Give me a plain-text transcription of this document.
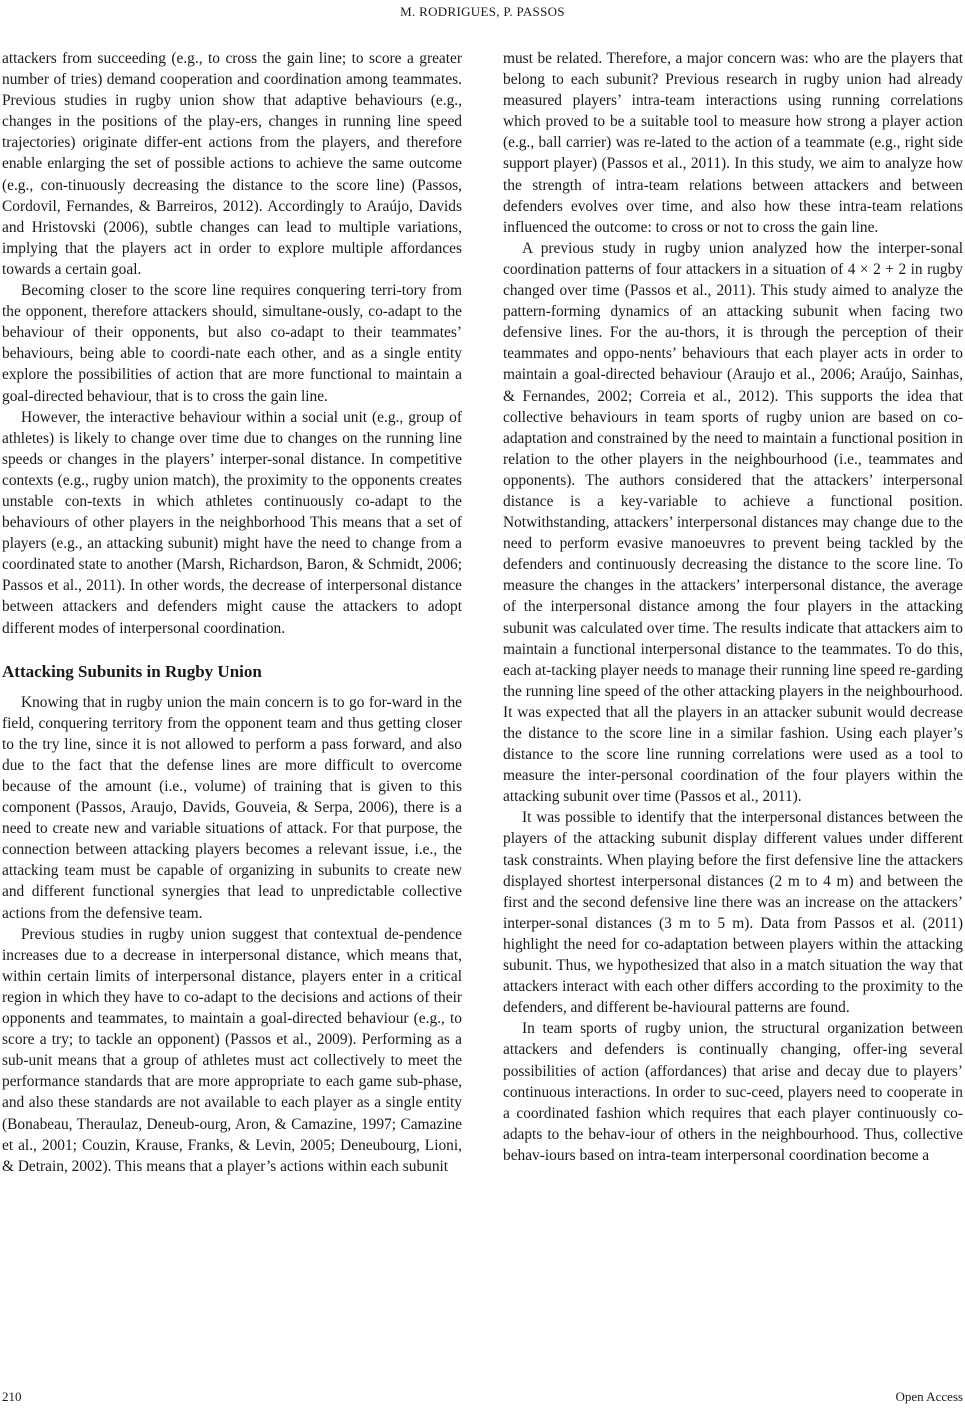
M. RODRIGUES, P. PASSOS

attackers from succeeding (e.g., to cross the gain line; to score a greater number of tries) demand cooperation and coordination among teammates. Previous studies in rugby union show that adaptive behaviours (e.g., changes in the positions of the play-ers, changes in running line speed trajectories) originate differ-ent actions from the players, and therefore enable enlarging the set of possible actions to achieve the same outcome (e.g., con-tinuously decreasing the distance to the score line) (Passos, Cordovil, Fernandes, & Barreiros, 2012). Accordingly to Araújo, Davids and Hristovski (2006), subtle changes can lead to multiple variations, implying that the players act in order to explore multiple affordances towards a certain goal.

Becoming closer to the score line requires conquering terri-tory from the opponent, therefore attackers should, simultane-ously, co-adapt to the behaviour of their opponents, but also co-adapt to their teammates’ behaviours, being able to coordi-nate each other, and as a single entity explore the possibilities of action that are more functional to maintain a goal-directed behaviour, that is to cross the gain line.

However, the interactive behaviour within a social unit (e.g., group of athletes) is likely to change over time due to changes on the running line speeds or changes in the players’ interper-sonal distance. In competitive contexts (e.g., rugby union match), the proximity to the opponents creates unstable con-texts in which athletes continuously co-adapt to the behaviours of other players in the neighborhood This means that a set of players (e.g., an attacking subunit) might have the need to change from a coordinated state to another (Marsh, Richardson, Baron, & Schmidt, 2006; Passos et al., 2011). In other words, the decrease of interpersonal distance between attackers and defenders might cause the attackers to adopt different modes of interpersonal coordination.

Attacking Subunits in Rugby Union

Knowing that in rugby union the main concern is to go for-ward in the field, conquering territory from the opponent team and thus getting closer to the try line, since it is not allowed to perform a pass forward, and also due to the fact that the defense lines are more difficult to overcome because of the amount (i.e., volume) of training that is given to this component (Passos, Araujo, Davids, Gouveia, & Serpa, 2006), there is a need to create new and variable situations of attack. For that purpose, the connection between attacking players becomes a relevant issue, i.e., the attacking team must be capable of organizing in subunits to create new and different functional synergies that lead to unpredictable collective actions from the defensive team.

Previous studies in rugby union suggest that contextual de-pendence increases due to a decrease in interpersonal distance, which means that, within certain limits of interpersonal distance, players enter in a critical region in which they have to co-adapt to the decisions and actions of their opponents and teammates, to maintain a goal-directed behaviour (e.g., to score a try; to tackle an opponent) (Passos et al., 2009). Performing as a sub-unit means that a group of athletes must act collectively to meet the performance standards that are more appropriate to each game sub-phase, and also these standards are not available to each player as a single entity (Bonabeau, Theraulaz, Deneub-ourg, Aron, & Camazine, 1997; Camazine et al., 2001; Couzin, Krause, Franks, & Levin, 2005; Deneubourg, Lioni, & Detrain, 2002). This means that a player’s actions within each subunit

must be related. Therefore, a major concern was: who are the players that belong to each subunit? Previous research in rugby union had already measured players’ intra-team interactions using running correlations which proved to be a suitable tool to measure how strong a player action (e.g., ball carrier) was re-lated to the action of a teammate (e.g., right side support player) (Passos et al., 2011). In this study, we aim to analyze how the strength of intra-team relations between attackers and between defenders evolves over time, and also how these intra-team relations influenced the outcome: to cross or not to cross the gain line.

A previous study in rugby union analyzed how the interper-sonal coordination patterns of four attackers in a situation of 4 × 2 + 2 in rugby changed over time (Passos et al., 2011). This study aimed to analyze the pattern-forming dynamics of an attacking subunit when facing two defensive lines. For the au-thors, it is through the perception of their teammates and oppo-nents’ behaviours that each player acts in order to maintain a goal-directed behaviour (Araujo et al., 2006; Araújo, Sainhas, & Fernandes, 2002; Correia et al., 2012). This supports the idea that collective behaviours in team sports of rugby union are based on co-adaptation and constrained by the need to maintain a functional position in relation to the other players in the neighbourhood (i.e., teammates and opponents). The authors considered that the attackers’ interpersonal distance is a key-variable to achieve a functional position. Notwithstanding, attackers’ interpersonal distances may change due to the need to perform evasive manoeuvres to prevent being tackled by the defenders and continuously decreasing the distance to the score line. To measure the changes in the attackers’ interpersonal distance, the average of the interpersonal distance among the four players in the attacking subunit was calculated over time. The results indicate that attackers aim to maintain a functional interpersonal distance to the teammates. To do this, each at-tacking player needs to manage their running line speed re-garding the running line speed of the other attacking players in the neighbourhood. It was expected that all the players in an attacker subunit would decrease the distance to the score line in a similar fashion. Using each player’s distance to the score line running correlations were used as a tool to measure the inter-personal coordination of the four players within the attacking subunit over time (Passos et al., 2011).

It was possible to identify that the interpersonal distances between the players of the attacking subunit display different values under different task constraints. When playing before the first defensive line the attackers displayed shortest interpersonal distances (2 m to 4 m) and between the first and the second defensive line there was an increase on the attackers’ interper-sonal distances (3 m to 5 m). Data from Passos et al. (2011) highlight the need for co-adaptation between players within the attacking subunit. Thus, we hypothesized that also in a match situation the way that attackers interact with each other differs according to the proximity to the defenders, and different be-havioural patterns are found.

In team sports of rugby union, the structural organization between attackers and defenders is continually changing, offer-ing several possibilities of action (affordances) that arise and decay due to players’ continuous interactions. In order to suc-ceed, players need to cooperate in a coordinated fashion which requires that each player continuously co-adapts to the behav-iour of others in the neighbourhood. Thus, collective behav-iours based on intra-team interpersonal coordination become a

210	Open Access
